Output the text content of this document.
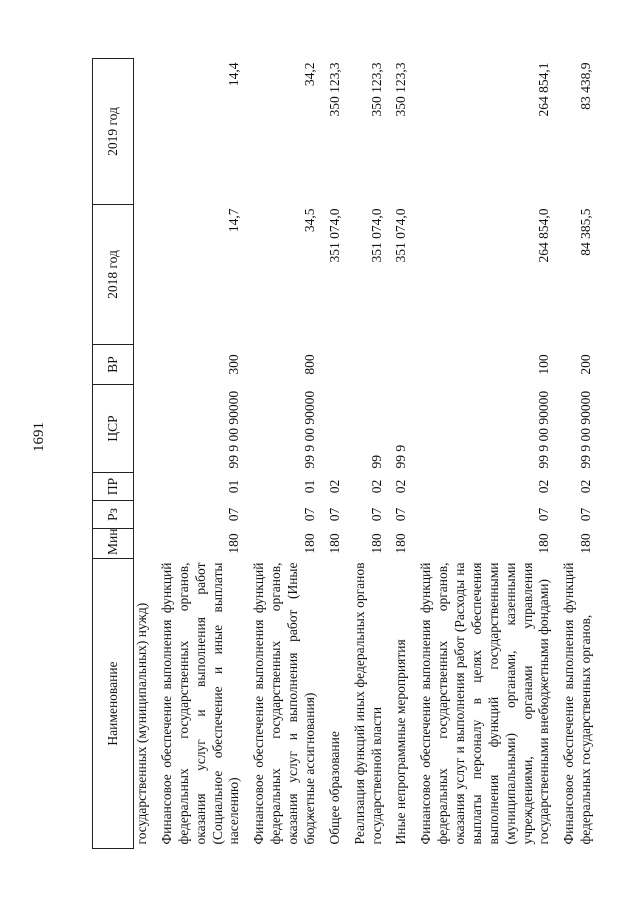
1691
Наименование	Мин	Рз	ПР	ЦСР	ВР	2018 год	2019 год
государственных (муниципальных) нужд)							
Финансовое обеспечение выполнения функций федеральных государственных органов, оказания услуг и выполнения работ (Социальное обеспечение и иные выплаты населению)	180	07	01	99 9 00 90000	300	14,7	14,4
Финансовое обеспечение выполнения функций федеральных государственных органов, оказания услуг и выполнения работ (Иные бюджетные ассигнования)	180	07	01	99 9 00 90000	800	34,5	34,2
Общее образование	180	07	02			351 074,0	350 123,3
Реализация функций иных федеральных органов государственной власти	180	07	02	99		351 074,0	350 123,3
Иные непрограммные мероприятия	180	07	02	99 9		351 074,0	350 123,3
Финансовое обеспечение выполнения функций федеральных государственных органов, оказания услуг и выполнения работ (Расходы на выплаты персоналу в целях обеспечения выполнения функций государственными (муниципальными) органами, казенными учреждениями, органами управления государственными внебюджетными фондами)	180	07	02	99 9 00 90000	100	264 854,0	264 854,1
Финансовое обеспечение выполнения функций федеральных государственных органов,	180	07	02	99 9 00 90000	200	84 385,5	83 438,9
